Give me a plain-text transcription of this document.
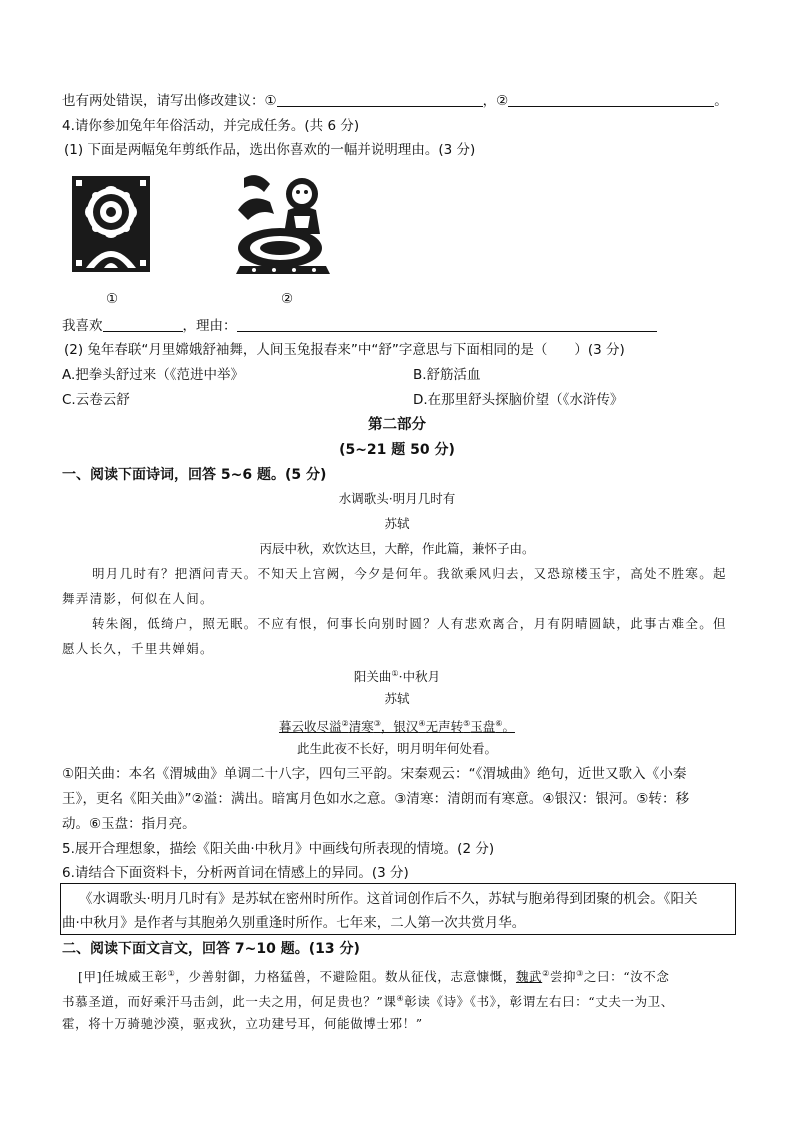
也有两处错误，请写出修改建议：①	，②	。
4.请你参加兔年年俗活动，并完成任务。(共 6 分)
(1) 下面是两幅兔年剪纸作品，选出你喜欢的一幅并说明理由。(3 分)
①	②
我喜欢	，理由：
(2) 兔年春联“月里嫦娥舒袖舞，人间玉兔报春来”中“舒”字意思与下面相同的是（　　）(3 分)
A.把拳头舒过来（《范进中举》	B.舒筋活血
C.云卷云舒	D.在那里舒头探脑价望（《水浒传》
第二部分
(5~21 题 50 分)
一、阅读下面诗词，回答 5~6 题。(5 分)
水调歌头·明月几时有
苏轼
丙辰中秋，欢饮达旦，大醉，作此篇，兼怀子由。
明月几时有？把酒问青天。不知天上宫阙，今夕是何年。我欲乘风归去，又恐琼楼玉宇，高处不胜寒。起
舞弄清影，何似在人间。
转朱阁，低绮户，照无眠。不应有恨，何事长向别时圆？人有悲欢离合，月有阴晴圆缺，此事古难全。但
愿人长久，千里共婵娟。
阳关曲①·中秋月
苏轼
暮云收尽溢②清寒③，银汉④无声转⑤玉盘⑥。
此生此夜不长好，明月明年何处看。
①阳关曲：本名《渭城曲》单调二十八字，四句三平韵。宋秦观云：“《渭城曲》绝句，近世又歌入《小秦
王》，更名《阳关曲》”②溢：满出。暗寓月色如水之意。③清寒：清朗而有寒意。④银汉：银河。⑤转：移
动。⑥玉盘：指月亮。
5.展开合理想象，描绘《阳关曲·中秋月》中画线句所表现的情境。(2 分)
6.请结合下面资料卡，分析两首词在情感上的异同。(3 分)
《水调歌头·明月几时有》是苏轼在密州时所作。这首词创作后不久，苏轼与胞弟得到团聚的机会。《阳关
曲·中秋月》是作者与其胞弟久别重逢时所作。七年来，二人第一次共赏月华。
二、阅读下面文言文，回答 7~10 题。(13 分)
[甲]任城威王彰①，少善射御，力格猛兽，不避险阻。数从征伐，志意慷慨，魏武②尝抑③之曰：“汝不念
书慕圣道，而好乘汗马击剑，此一夫之用，何足贵也？”课④彰读《诗》《书》，彰谓左右曰：“丈夫一为卫、
霍，将十万骑驰沙漠，驱戎狄，立功建号耳，何能做博士邪！”
